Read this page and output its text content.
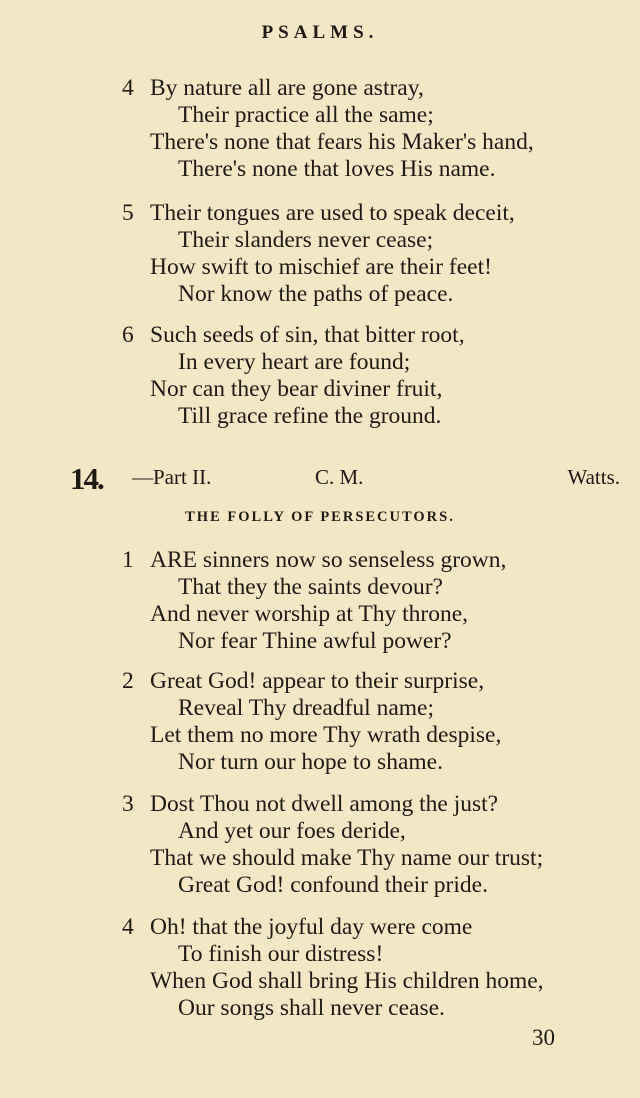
PSALMS.
4 By nature all are gone astray,
Their practice all the same;
There's none that fears his Maker's hand,
There's none that loves His name.
5 Their tongues are used to speak deceit,
Their slanders never cease;
How swift to mischief are their feet!
Nor know the paths of peace.
6 Such seeds of sin, that bitter root,
In every heart are found;
Nor can they bear diviner fruit,
Till grace refine the ground.
14. —Part II.	C. M.	Watts.
THE FOLLY OF PERSECUTORS.
1 ARE sinners now so senseless grown,
That they the saints devour?
And never worship at Thy throne,
Nor fear Thine awful power?
2 Great God! appear to their surprise,
Reveal Thy dreadful name;
Let them no more Thy wrath despise,
Nor turn our hope to shame.
3 Dost Thou not dwell among the just?
And yet our foes deride,
That we should make Thy name our trust;
Great God! confound their pride.
4 Oh! that the joyful day were come
To finish our distress!
When God shall bring His children home,
Our songs shall never cease.
30
